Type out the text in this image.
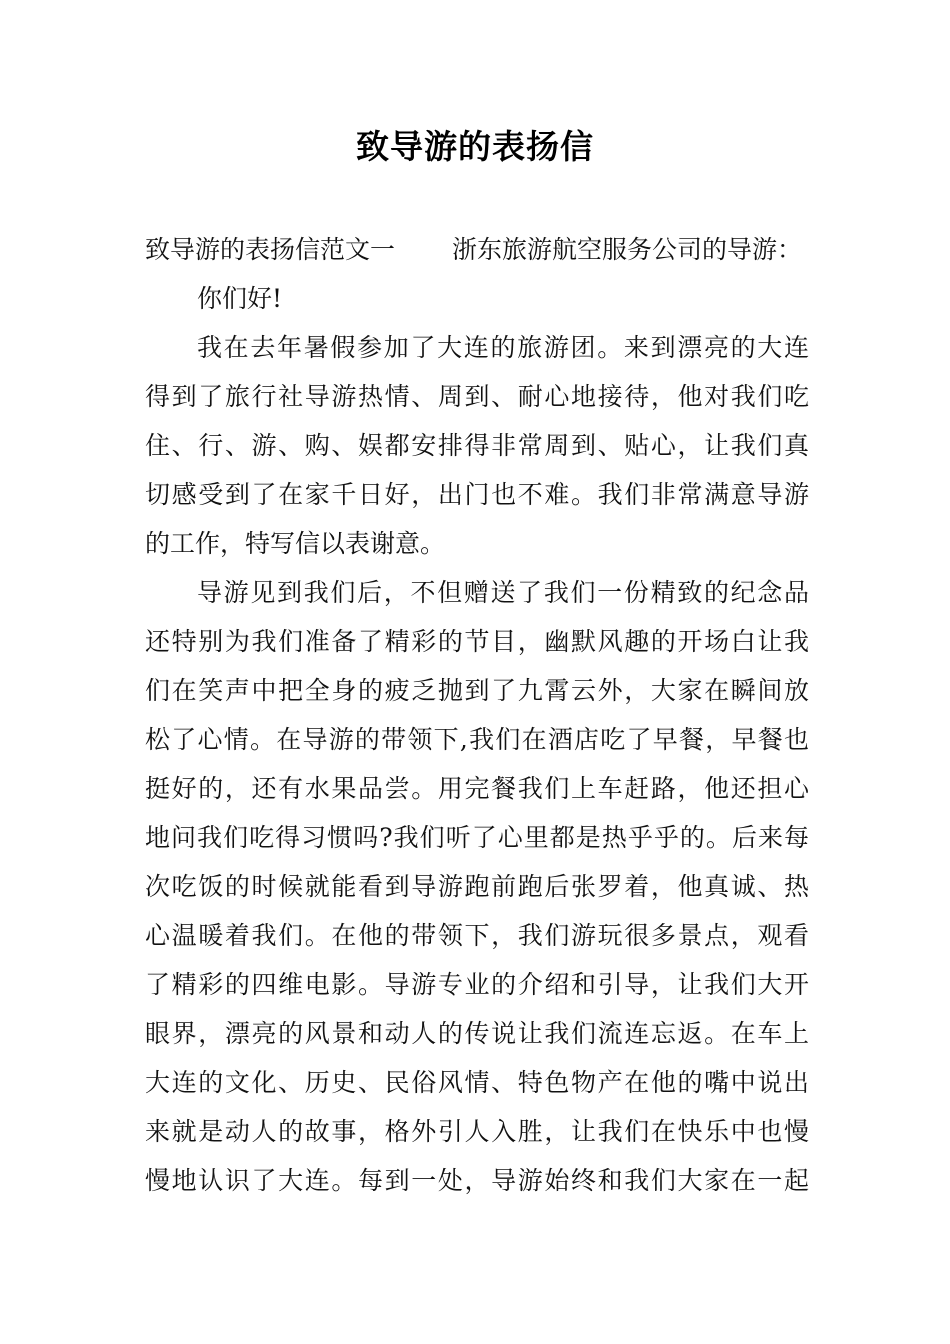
致导游的表扬信
致导游的表扬信范文一 浙东旅游航空服务公司的导游：
你们好!
我在去年暑假参加了大连的旅游团。来到漂亮的大连
得到了旅行社导游热情、周到、耐心地接待，他对我们吃
住、行、游、购、娱都安排得非常周到、贴心，让我们真
切感受到了在家千日好，出门也不难。我们非常满意导游
的工作，特写信以表谢意。
导游见到我们后，不但赠送了我们一份精致的纪念品
还特别为我们准备了精彩的节目，幽默风趣的开场白让我
们在笑声中把全身的疲乏抛到了九霄云外，大家在瞬间放
松了心情。在导游的带领下,我们在酒店吃了早餐，早餐也
挺好的，还有水果品尝。用完餐我们上车赶路，他还担心
地问我们吃得习惯吗?我们听了心里都是热乎乎的。后来每
次吃饭的时候就能看到导游跑前跑后张罗着，他真诚、热
心温暖着我们。在他的带领下，我们游玩很多景点，观看
了精彩的四维电影。导游专业的介绍和引导，让我们大开
眼界，漂亮的风景和动人的传说让我们流连忘返。在车上
大连的文化、历史、民俗风情、特色物产在他的嘴中说出
来就是动人的故事，格外引人入胜，让我们在快乐中也慢
慢地认识了大连。每到一处，导游始终和我们大家在一起
